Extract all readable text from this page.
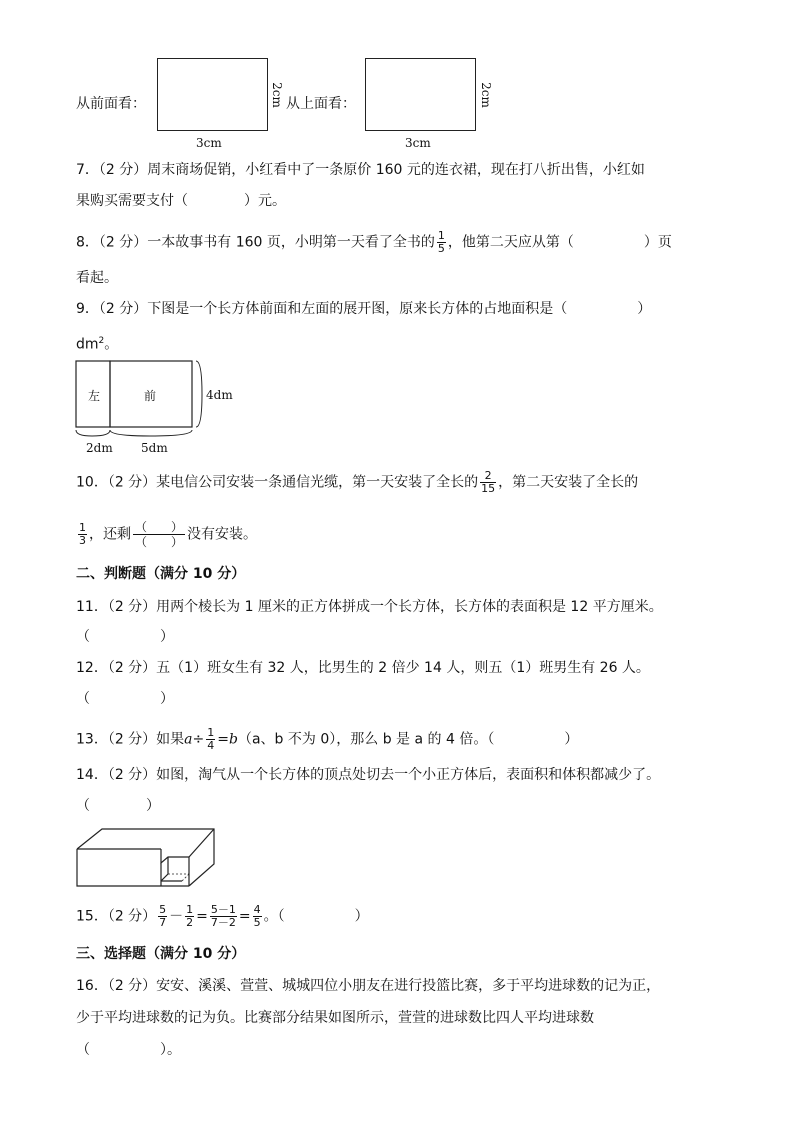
从前面看：	2cm
3cm
从上面看：	2cm
3cm
7．（2 分）周末商场促销，小红看中了一条原价 160 元的连衣裙，现在打八折出售，小红如
果购买需要支付（　　　　）元。
8．（2 分）一本故事书有 160 页，小明第一天看了全书的 $\frac{1}{5}$ ，他第二天应从第（　　　　　）页
看起。
9．（2 分）下图是一个长方体前面和左面的展开图，原来长方体的占地面积是（　　　　　）
$dm^2$。
左	前	4dm
2dm 5dm
10．（2 分）某电信公司安装一条通信光缆，第一天安装了全长的 $\frac{2}{15}$ ，第二天安装了全长的
$\frac{1}{3}$ ，还剩 （　　）
（　　） 没有安装。
二、判断题（满分 10 分）
11．（2 分）用两个棱长为 1 厘米的正方体拼成一个长方体，长方体的表面积是 12 平方厘米。
（　　　　　）
12．（2 分）五（1）班女生有 32 人，比男生的 2 倍少 14 人，则五（1）班男生有 26 人。
（　　　　　）
13．（2 分）如果$a\div \frac{1}{4} =b(a$、b 不为 0），那么 b 是 a 的 4 倍。（　　　　　）
14．（2 分）如图，淘气从一个长方体的顶点处切去一个小正方体后，表面积和体积都减少了。
（　　　　）
15．（2 分） $\frac{5}{7} - \frac{1}{2} = \frac{5-1}{7-2} = \frac{4}{5}$ 。（　　　　　）
三、选择题（满分 10 分）
16．（2 分）安安、溪溪、萱萱、城城四位小朋友在进行投篮比赛，多于平均进球数的记为正，
少于平均进球数的记为负。比赛部分结果如图所示，萱萱的进球数比四人平均进球数
（　　　　　）。
